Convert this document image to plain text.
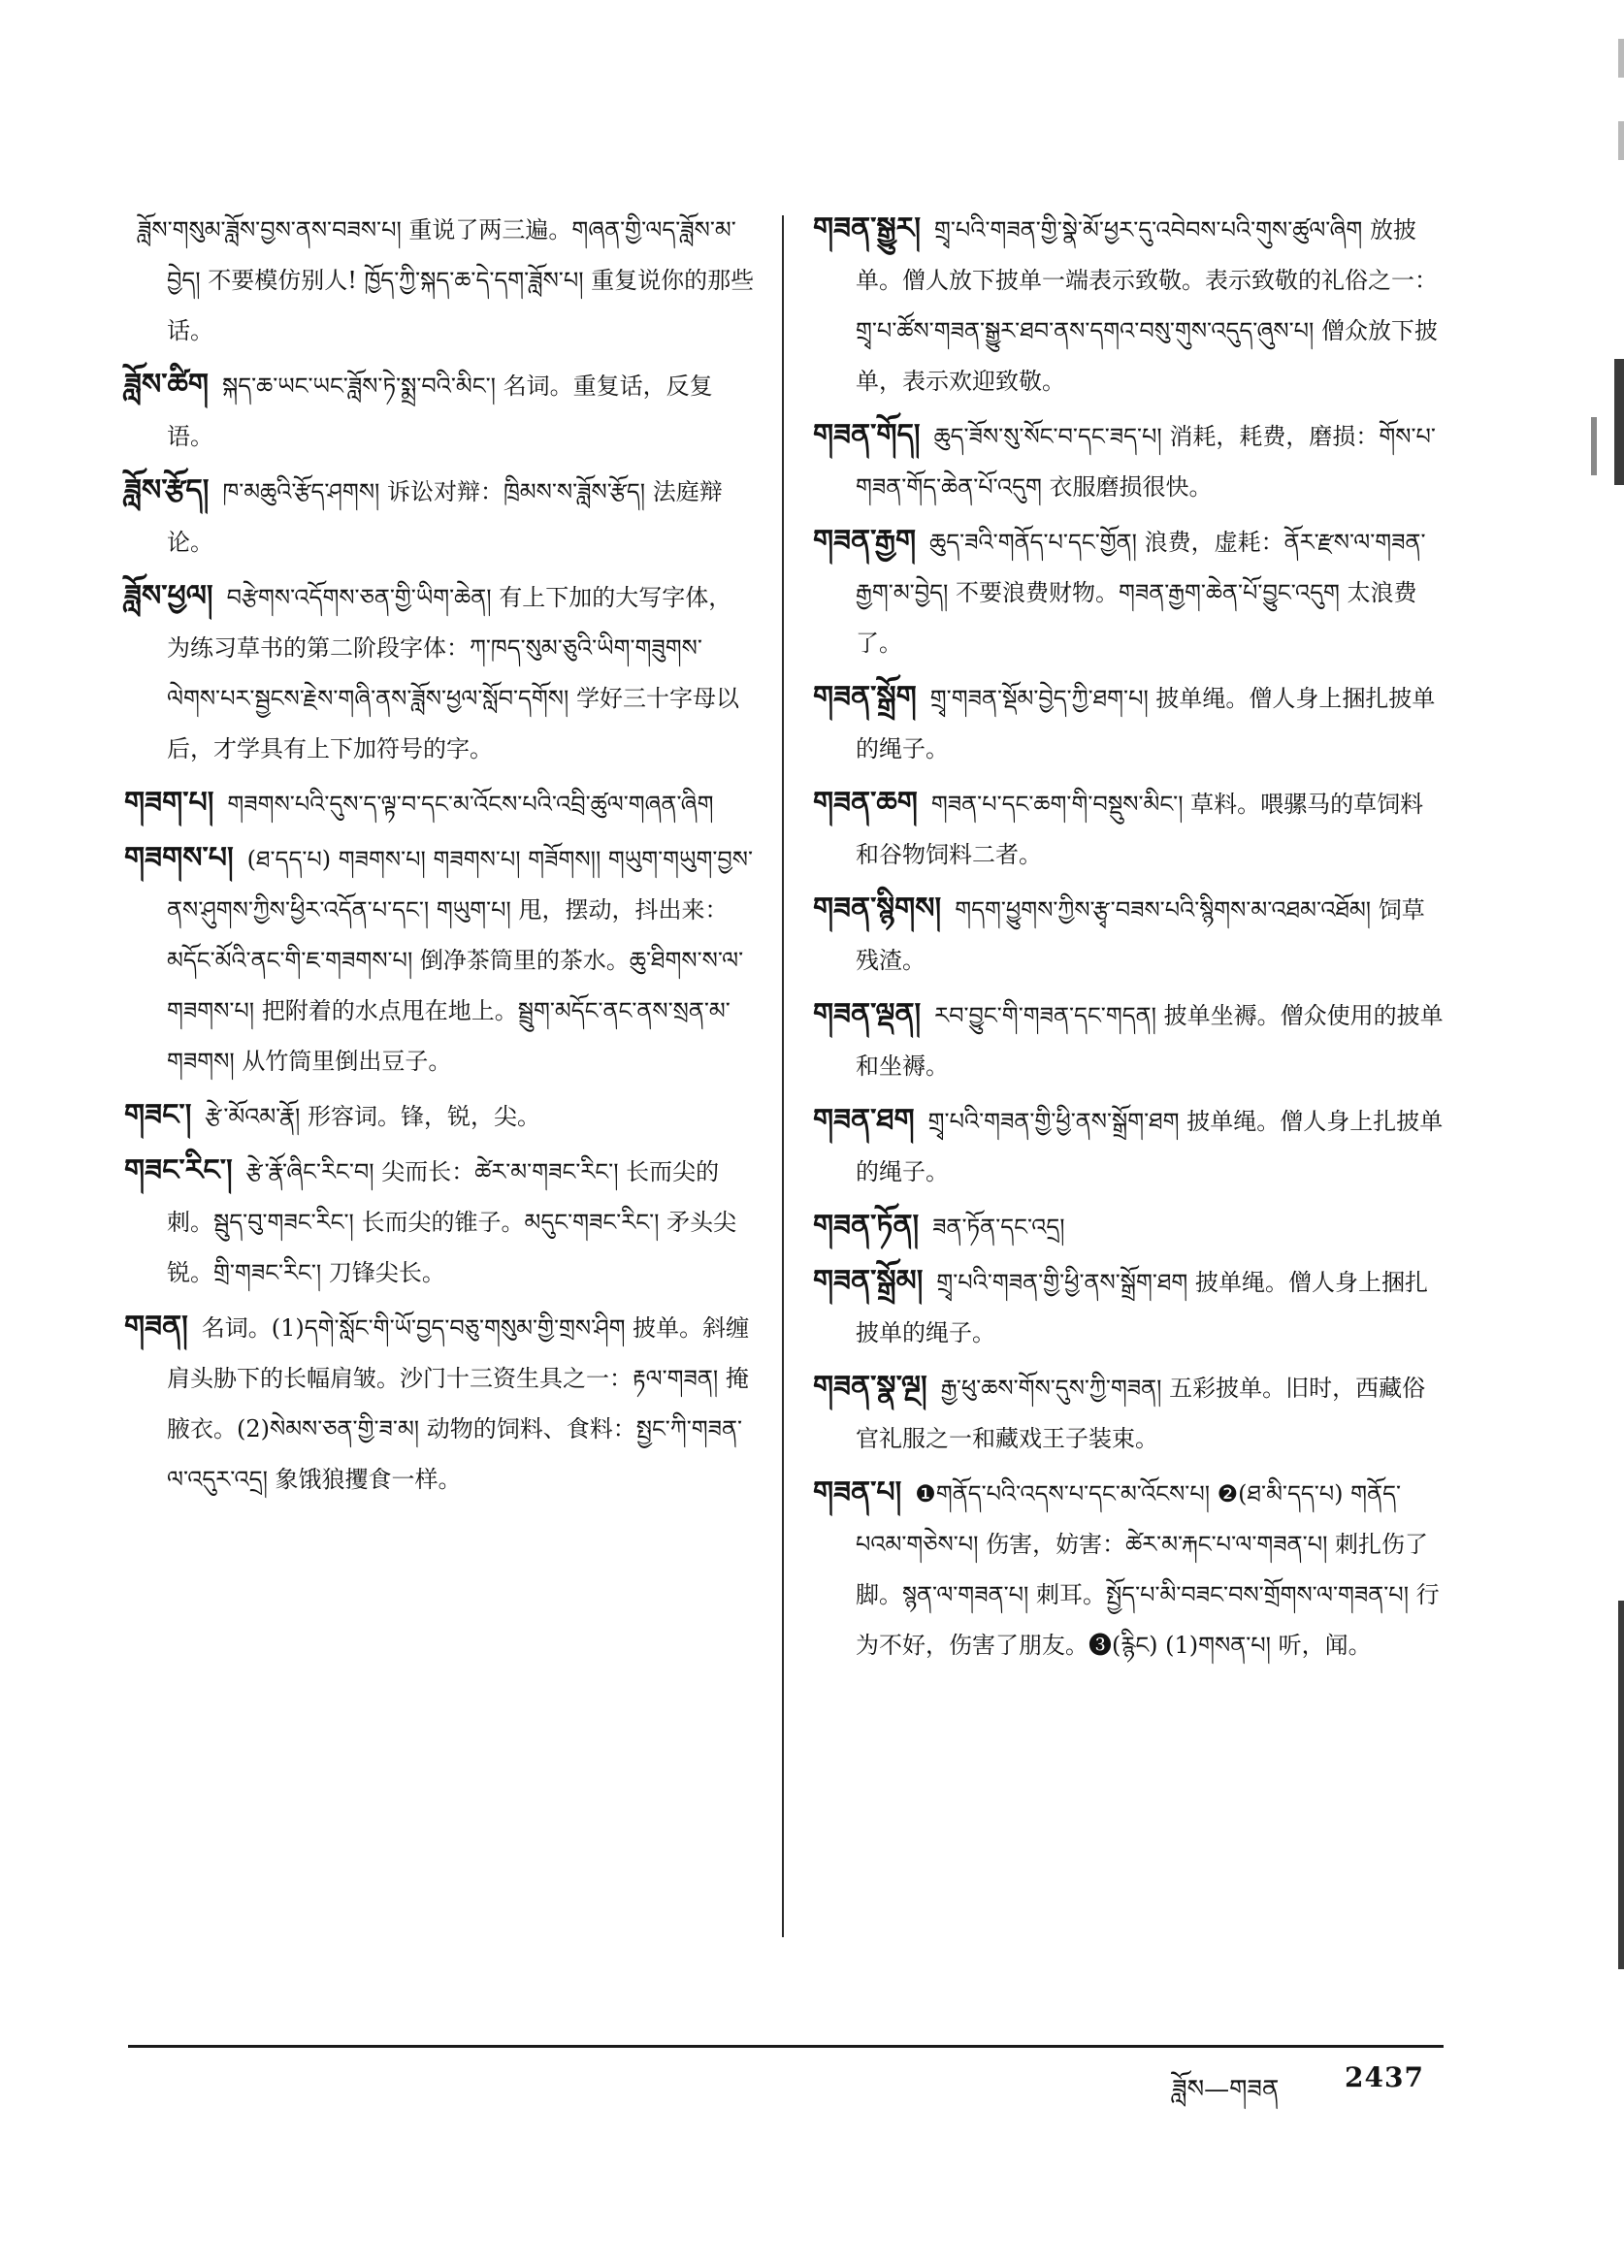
ཟློས་གསུམ་ཟློས་བྱས་ནས་བཟས་པ། 重说了两三遍。གཞན་གྱི་ལད་ཟློས་མ་བྱེད། 不要模仿别人! ཁྱོད་ཀྱི་སྐད་ཆ་དེ་དག་ཟློས་པ། 重复说你的那些话。

ཟློས་ཚིག སྐད་ཆ་ཡང་ཡང་ཟློས་ཏེ་སྨྲ་བའི་མིང་། 名词。重复话，反复语。

ཟློས་རྩོད། ཁ་མཆུའི་རྩོད་ཤགས། 诉讼对辩：ཁྲིམས་ས་ཟློས་རྩོད། 法庭辩论。

ཟློས་ཕྱལ། བརྩེགས་འདོགས་ཅན་གྱི་ཡིག་ཆེན། 有上下加的大写字体，为练习草书的第二阶段字体：ཀ་ཁད་སུམ་ཅུའི་ཡིག་གཟུགས་ལེགས་པར་སྦྱངས་རྗེས་གཞི་ནས་ཟློས་ཕྱལ་སློབ་དགོས། 学好三十字母以后，才学具有上下加符号的字。

གཟག་པ། གཟགས་པའི་དུས་ད་ལྟ་བ་དང་མ་འོངས་པའི་འབྲི་ཚུལ་གཞན་ཞིག

གཟགས་པ། (ཐ་དད་པ) གཟགས་པ། གཟགས་པ། གཟོགས།། གཡུག་གཡུག་བྱས་ནས་ཤུགས་ཀྱིས་ཕྱིར་འདོན་པ་དང་། གཡུག་པ། 甩，摆动，抖出来：མདོང་མོའི་ནང་གི་ཇ་གཟགས་པ། 倒净茶筒里的茶水。ཆུ་ཐིགས་ས་ལ་གཟགས་པ། 把附着的水点甩在地上。སྦྲུག་མདོང་ནང་ནས་སྲན་མ་གཟགས། 从竹筒里倒出豆子。

གཟང་། རྩེ་མོའམ་རྣོ། 形容词。锋，锐，尖。

གཟང་རིང་། རྩེ་རྣོ་ཞིང་རིང་བ། 尖而长：ཚེར་མ་གཟང་རིང་། 长而尖的刺。སྦུད་བུ་གཟང་རིང་། 长而尖的锥子。མདུང་གཟང་རིང་། 矛头尖锐。གྲི་གཟང་རིང་། 刀锋尖长。

གཟན། 名词。(1)དགེ་སློང་གི་ཡོ་བྱད་བཅུ་གསུམ་གྱི་གྲས་ཤིག 披单。斜缠肩头胁下的长幅肩皱。沙门十三资生具之一：རྟལ་གཟན། 掩腋衣。(2)སེམས་ཅན་གྱི་ཟ་མ། 动物的饲料、食料：སྤྱང་ཀི་གཟན་ལ་འདུར་འདྲ། 象饿狼攫食一样。

གཟན་སྒྱུར། གྲྭ་པའི་གཟན་གྱི་སྣེ་མོ་ཕྱར་དུ་འབེབས་པའི་གུས་ཚུལ་ཞིག 放披单。僧人放下披单一端表示致敬。表示致敬的礼俗之一：གྲྭ་པ་ཚོས་གཟན་སྒྱུར་ཐབ་ནས་དགའ་བསུ་གུས་འདུད་ཞུས་པ། 僧众放下披单，表示欢迎致敬。

གཟན་གོད། ཆུད་ཟོས་སུ་སོང་བ་དང་ཟད་པ། 消耗，耗费，磨损：གོས་པ་གཟན་གོད་ཆེན་པོ་འདུག 衣服磨损很快。

གཟན་རྒྱག ཆུད་ཟའི་གནོད་པ་དང་གྱོན། 浪费，虚耗：ནོར་རྫས་ལ་གཟན་རྒྱག་མ་བྱེད། 不要浪费财物。གཟན་རྒྱག་ཆེན་པོ་བྱུང་འདུག 太浪费了。

གཟན་སྒྲོག གྲྭ་གཟན་སྡོམ་བྱེད་ཀྱི་ཐག་པ། 披单绳。僧人身上捆扎披单的绳子。

གཟན་ཆག གཟན་པ་དང་ཆག་གི་བསྡུས་མིང་། 草料。喂骡马的草饲料和谷物饲料二者。

གཟན་སྙིགས། གདག་ཕྱུགས་ཀྱིས་རྩྭ་བཟས་པའི་སྙིགས་མ་འཐམ་འཐོམ། 饲草残渣。

གཟན་ལྡན། རབ་བྱུང་གི་གཟན་དང་གདན། 披单坐褥。僧众使用的披单和坐褥。

གཟན་ཐག གྲྭ་པའི་གཟན་གྱི་ཕྱི་ནས་སྒྲོག་ཐག 披单绳。僧人身上扎披单的绳子。

གཟན་ཏོན། ཟན་ཏོན་དང་འདྲ།

གཟན་སྒྲོམ། གྲྭ་པའི་གཟན་གྱི་ཕྱི་ནས་སྒྲོག་ཐག 披单绳。僧人身上捆扎披单的绳子。

གཟན་སྣ་ལྔ། རྒྱ་ཕུ་ཆས་གོས་དུས་ཀྱི་གཟན། 五彩披单。旧时，西藏俗官礼服之一和藏戏王子装束。

གཟན་པ། ❶གནོད་པའི་འདས་པ་དང་མ་འོངས་པ། ❷(ཐ་མི་དད་པ) གནོད་པའམ་གཅེས་པ། 伤害，妨害：ཚེར་མ་རྐང་པ་ལ་གཟན་པ། 刺扎伤了脚。སྙན་ལ་གཟན་པ། 刺耳。སྤྱོད་པ་མི་བཟང་བས་གྲོགས་ལ་གཟན་པ། 行为不好，伤害了朋友。❸(རྙིང) (1)གསན་པ། 听，闻。

ཟློས—གཟན 2437
